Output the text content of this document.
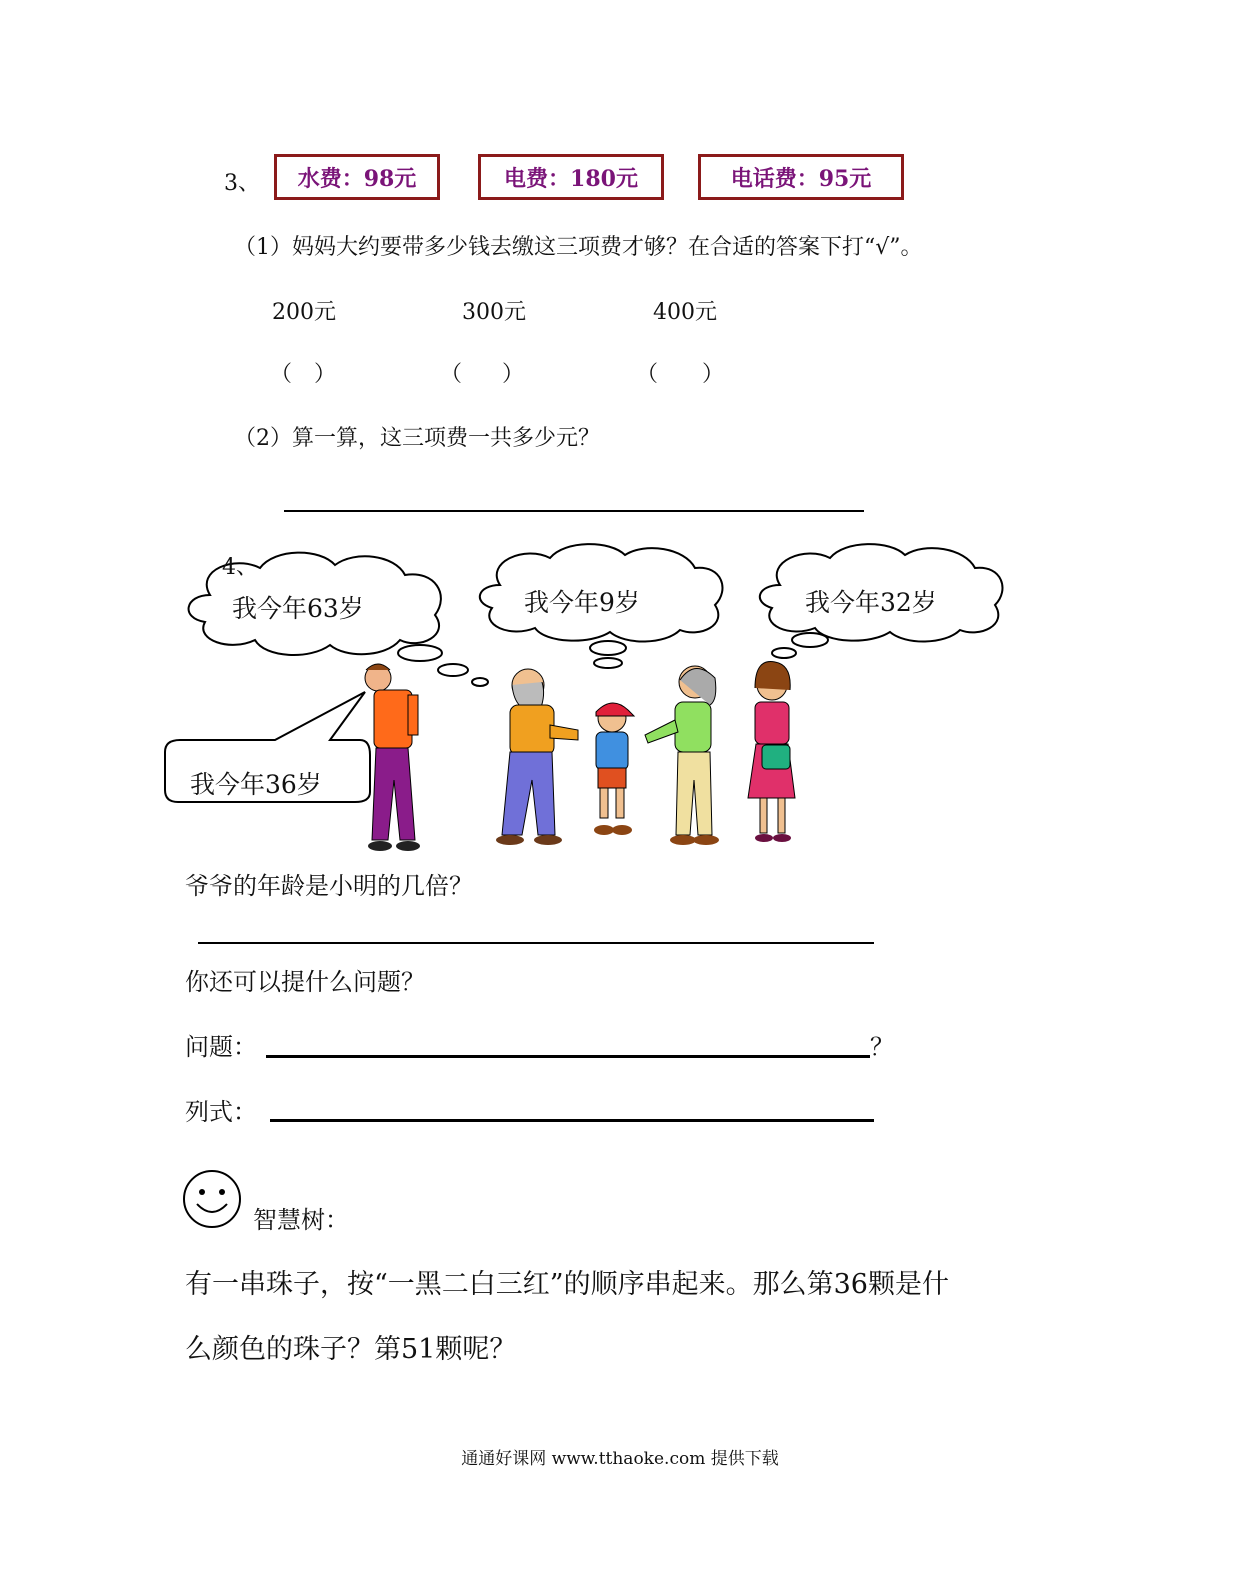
3、 水费：98元	电费：180元	电话费：95元
（1）妈妈大约要带多少钱去缴这三项费才够？在合适的答案下打“√”。
200元	300元	400元
（ ）	（ ）	（ ）
（2）算一算，这三项费一共多少元？
4、
我今年63岁	我今年9岁	我今年32岁
我今年36岁
爷爷的年龄是小明的几倍？
你还可以提什么问题？
问题：	？
列式：
智慧树：
有一串珠子，按“一黑二白三红”的顺序串起来。那么第36颗是什
么颜色的珠子？第51颗呢？
通通好课网 www.tthaoke.com 提供下载
